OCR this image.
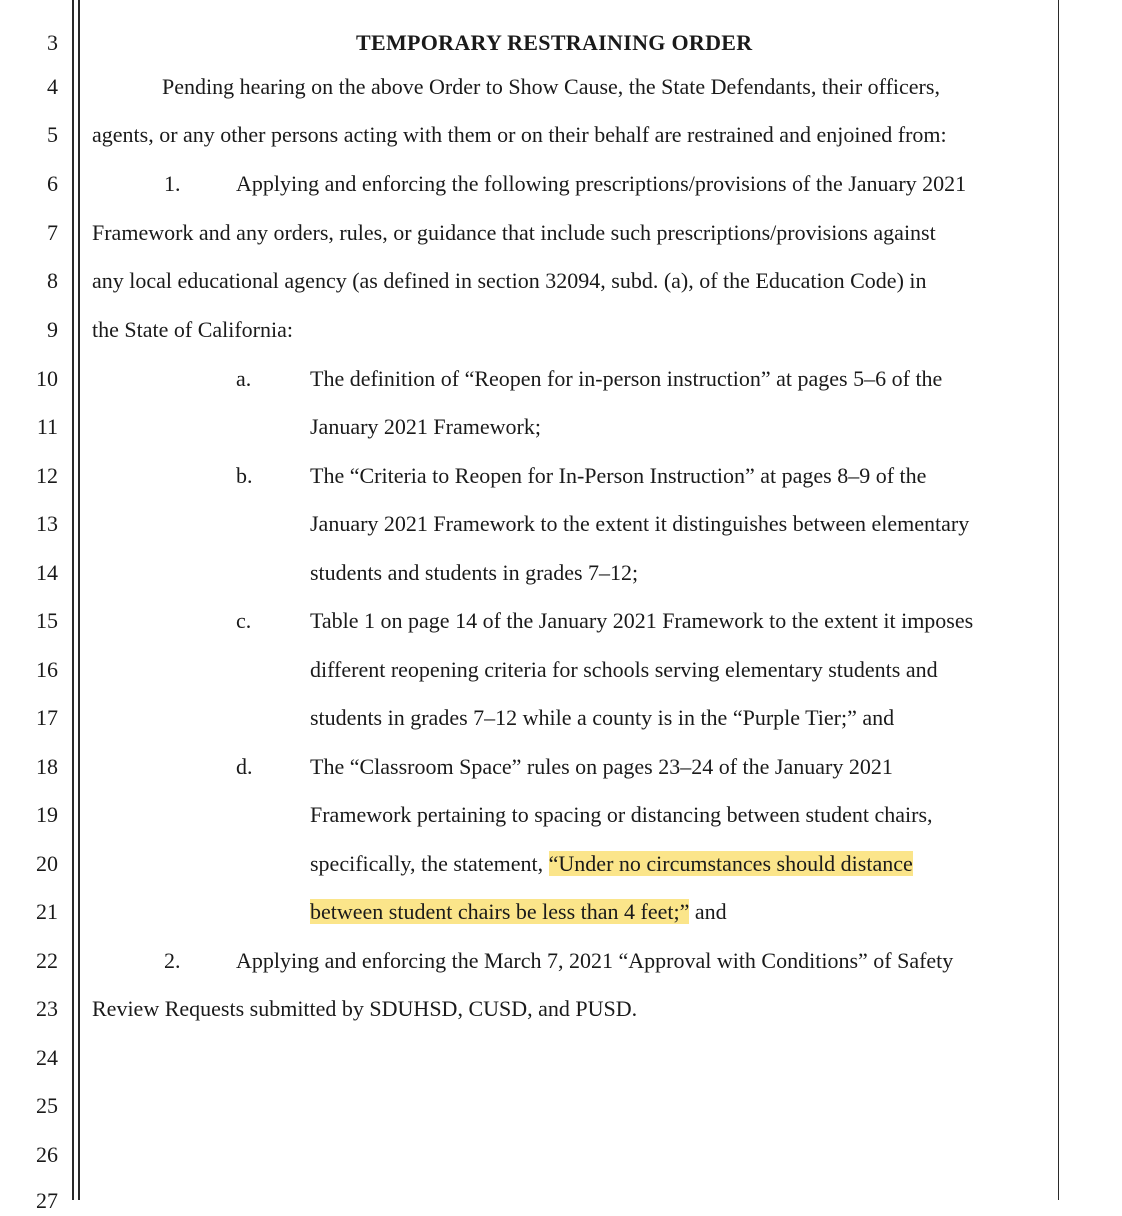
3
4
5
6
7
8
9
10
11
12
13
14
15
16
17
18
19
20
21
22
23
24
25
26
27
TEMPORARY RESTRAINING ORDER
Pending hearing on the above Order to Show Cause, the State Defendants, their officers,
agents, or any other persons acting with them or on their behalf are restrained and enjoined from:
1.	Applying and enforcing the following prescriptions/provisions of the January 2021
Framework and any orders, rules, or guidance that include such prescriptions/provisions against
any local educational agency (as defined in section 32094, subd. (a), of the Education Code) in
the State of California:
a.	The definition of “Reopen for in-person instruction” at pages 5–6 of the
January 2021 Framework;
b.	The “Criteria to Reopen for In-Person Instruction” at pages 8–9 of the
January 2021 Framework to the extent it distinguishes between elementary
students and students in grades 7–12;
c.	Table 1 on page 14 of the January 2021 Framework to the extent it imposes
different reopening criteria for schools serving elementary students and
students in grades 7–12 while a county is in the “Purple Tier;” and
d.	The “Classroom Space” rules on pages 23–24 of the January 2021
Framework pertaining to spacing or distancing between student chairs,
specifically, the statement, “Under no circumstances should distance
between student chairs be less than 4 feet;” and
2.	Applying and enforcing the March 7, 2021 “Approval with Conditions” of Safety
Review Requests submitted by SDUHSD, CUSD, and PUSD.
